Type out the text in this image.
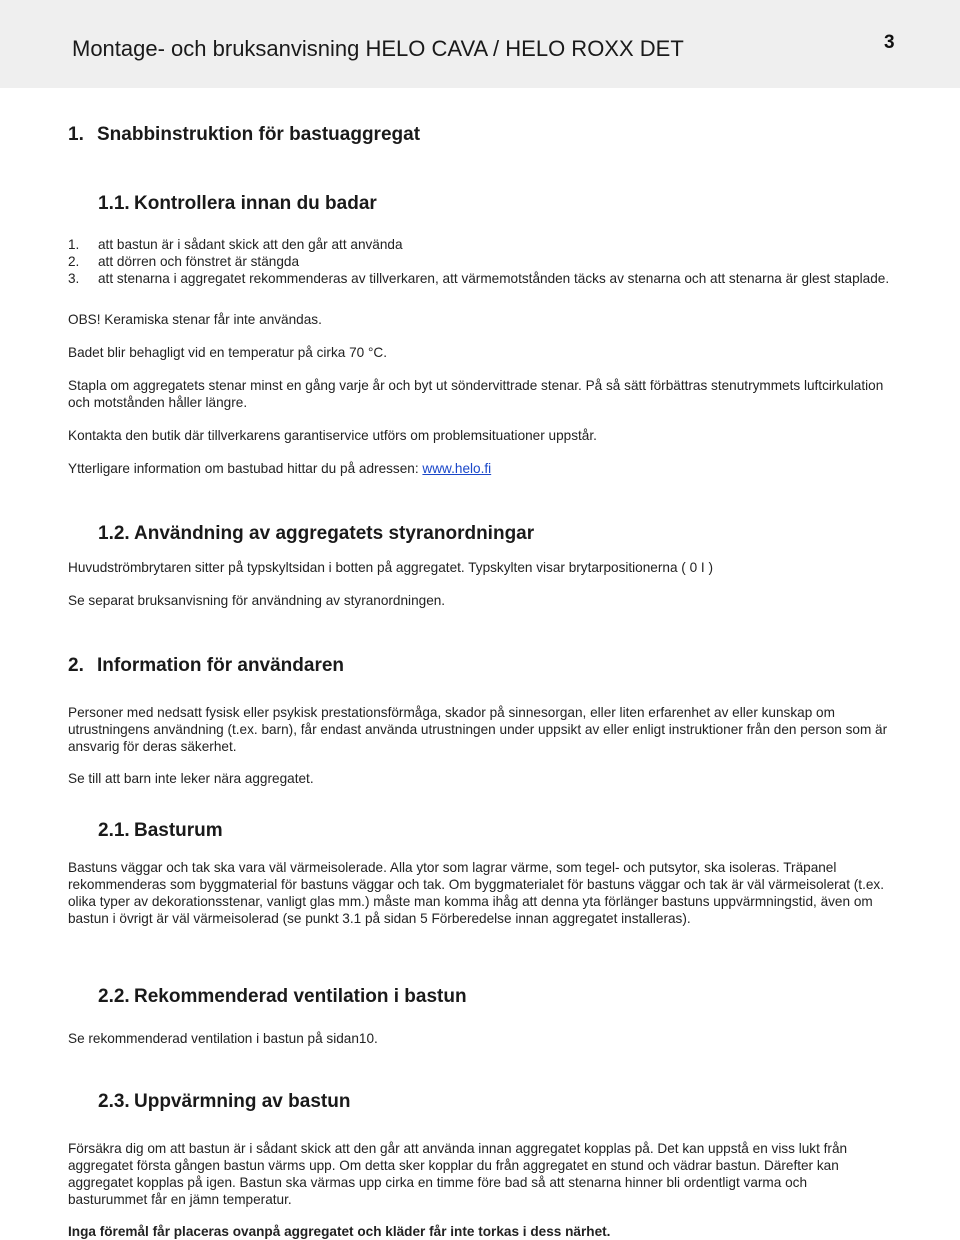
Montage- och bruksanvisning HELO CAVA / HELO ROXX DET	3
1. Snabbinstruktion för bastuaggregat
1.1. Kontrollera innan du badar
1.	att bastun är i sådant skick att den går att använda
2.	att dörren och fönstret är stängda
3.	att stenarna i aggregatet rekommenderas av tillverkaren, att värmemotstånden täcks av stenarna och att stenarna är glest staplade.
OBS! Keramiska stenar får inte användas.
Badet blir behagligt vid en temperatur på cirka 70 °C.
Stapla om aggregatets stenar minst en gång varje år och byt ut söndervittrade stenar. På så sätt förbättras stenutrymmets luftcirkulation och motstånden håller längre.
Kontakta den butik där tillverkarens garantiservice utförs om problemsituationer uppstår.
Ytterligare information om bastubad hittar du på adressen: www.helo.fi
1.2. Användning av aggregatets styranordningar
Huvudströmbrytaren sitter på typskyltsidan i botten på aggregatet. Typskylten visar brytarpositionerna ( 0 I )
Se separat bruksanvisning för användning av styranordningen.
2. Information för användaren
Personer med nedsatt fysisk eller psykisk prestationsförmåga, skador på sinnesorgan, eller liten erfarenhet av eller kunskap om utrustningens användning (t.ex. barn), får endast använda utrustningen under uppsikt av eller enligt instruktioner från den person som är ansvarig för deras säkerhet.
Se till att barn inte leker nära aggregatet.
2.1. Basturum
Bastuns väggar och tak ska vara väl värmeisolerade. Alla ytor som lagrar värme, som tegel- och putsytor, ska isoleras. Träpanel rekommenderas som byggmaterial för bastuns väggar och tak. Om byggmaterialet för bastuns väggar och tak är väl värmeisolerat (t.ex. olika typer av dekorationsstenar, vanligt glas mm.) måste man komma ihåg att denna yta förlänger bastuns uppvärmningstid, även om bastun i övrigt är väl värmeisolerad (se punkt 3.1 på sidan 5 Förberedelse innan aggregatet installeras).
2.2. Rekommenderad ventilation i bastun
Se rekommenderad ventilation i bastun på sidan10.
2.3. Uppvärmning av bastun
Försäkra dig om att bastun är i sådant skick att den går att använda innan aggregatet kopplas på. Det kan uppstå en viss lukt från aggregatet första gången bastun värms upp. Om detta sker kopplar du från aggregatet en stund och vädrar bastun. Därefter kan aggregatet kopplas på igen. Bastun ska värmas upp cirka en timme före bad så att stenarna hinner bli ordentligt varma och basturummet får en jämn temperatur.
Inga föremål får placeras ovanpå aggregatet och kläder får inte torkas i dess närhet.
